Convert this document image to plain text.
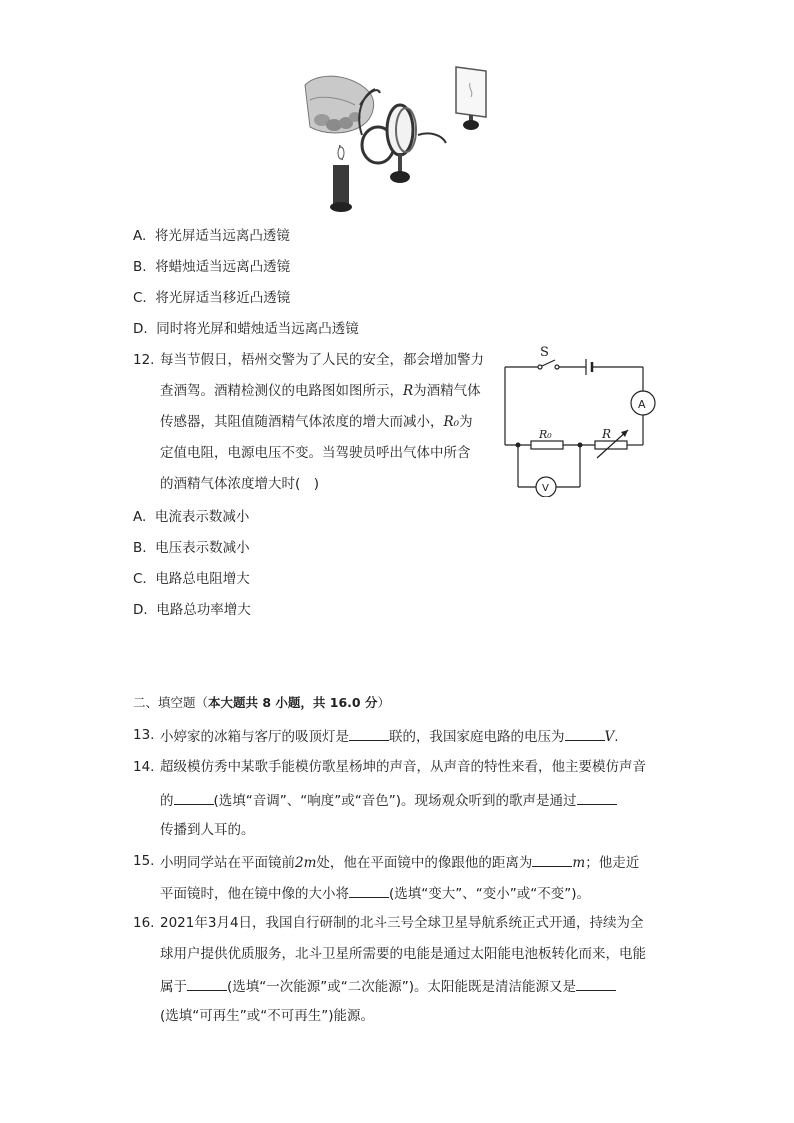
A. 将光屏适当远离凸透镜
B. 将蜡烛适当远离凸透镜
C. 将光屏适当移近凸透镜
D. 同时将光屏和蜡烛适当远离凸透镜
12. 每当节假日，梧州交警为了人民的安全，都会增加警力
查酒驾。酒精检测仪的电路图如图所示，R为酒精气体
传感器，其阻值随酒精气体浓度的增大而减小，R₀为
定值电阻，电源电压不变。当驾驶员呼出气体中所含
的酒精气体浓度增大时(　)
S
A
V
R₀	R
A. 电流表示数减小
B. 电压表示数减小
C. 电路总电阻增大
D. 电路总功率增大
二、填空题（本大题共 8 小题，共 16.0 分）
13. 小婷家的冰箱与客厅的吸顶灯是	联的，我国家庭电路的电压为	V.
14. 超级模仿秀中某歌手能模仿歌星杨坤的声音，从声音的特性来看，他主要模仿声音
的	(选填“音调”、“响度”或“音色”)。现场观众听到的歌声是通过
传播到人耳的。
15. 小明同学站在平面镜前2m处，他在平面镜中的像跟他的距离为	m；他走近
平面镜时，他在镜中像的大小将	(选填“变大”、“变小”或“不变”)。
16. 2021年3月4日，我国自行研制的北斗三号全球卫星导航系统正式开通，持续为全
球用户提供优质服务，北斗卫星所需要的电能是通过太阳能电池板转化而来，电能
属于	(选填“一次能源”或“二次能源”)。太阳能既是清洁能源又是
(选填“可再生”或“不可再生”)能源。
